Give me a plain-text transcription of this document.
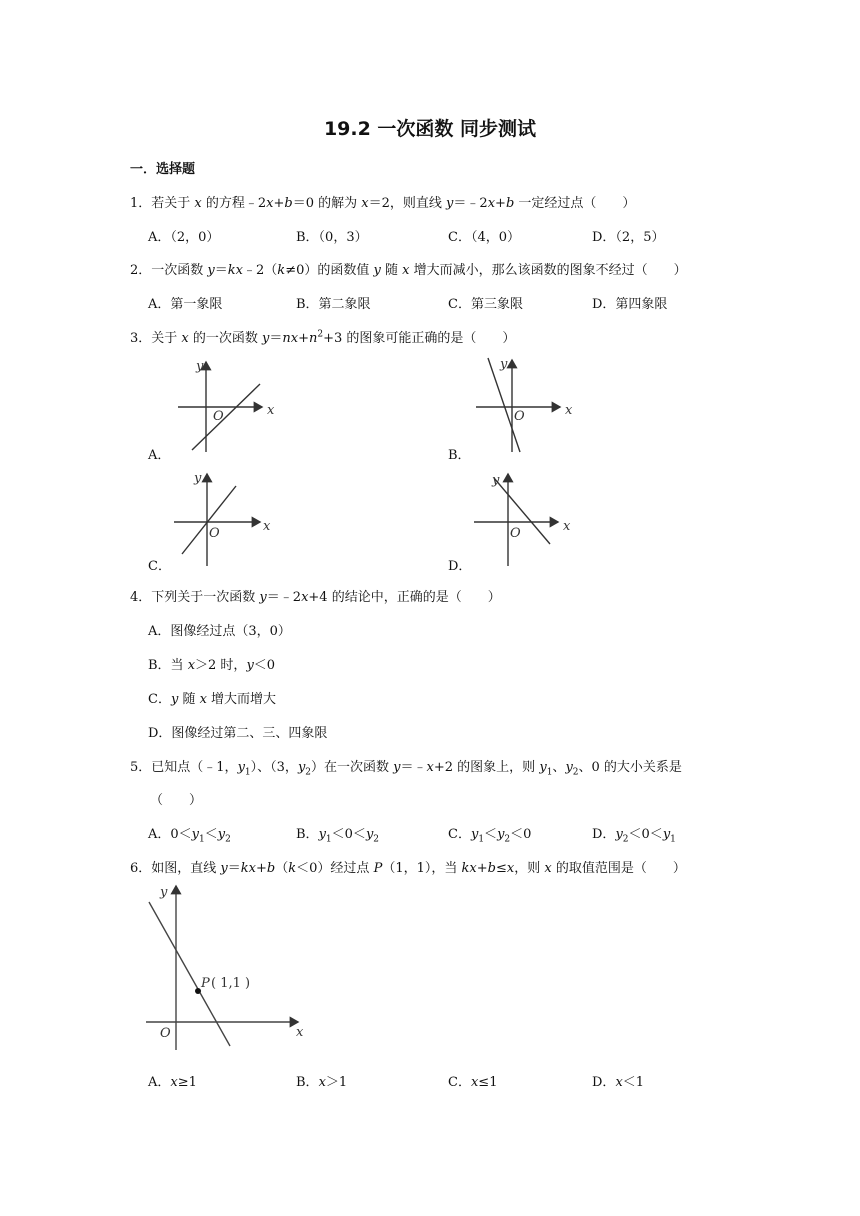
19.2 一次函数 同步测试
一．选择题
1．若关于 x 的方程﹣2x+b＝0 的解为 x＝2，则直线 y＝﹣2x+b 一定经过点（　　）
A．（2，0）	B．（0，3）	C．（4，0）	D．（2，5）
2．一次函数 y＝kx﹣2（k≠0）的函数值 y 随 x 增大而减小，那么该函数的图象不经过（　　）
A．第一象限	B．第二象限	C．第三象限	D．第四象限
3．关于 x 的一次函数 $y=nx+n^2+3$ 的图象可能正确的是（　　）
y
x
O
A．
y
x
O
B．
y
x
O
C．
y
x
O
D．
4．下列关于一次函数 y＝﹣2x+4 的结论中，正确的是（　　）
A．图像经过点（3，0）
B．当 x＞2 时，y＜0
C．y 随 x 增大而增大
D．图像经过第二、三、四象限
5．已知点（﹣1，$y_1$）、（3，$y_2$）在一次函数 y＝﹣x+2 的图象上，则 $y_1$、$y_2$、0 的大小关系是
（　　）
A．$0<y_1<y_2$	B．$y_1<0<y_2$	C．$y_1<y_2<0$	D．$y_2<0<y_1$
6．如图，直线 y＝kx+b（k＜0）经过点 P（1，1），当 kx+b≤x，则 x 的取值范围是（　　）
y
x
O
P ( 1,1 )
A．x≥1	B．x＞1	C．x≤1	D．x＜1
